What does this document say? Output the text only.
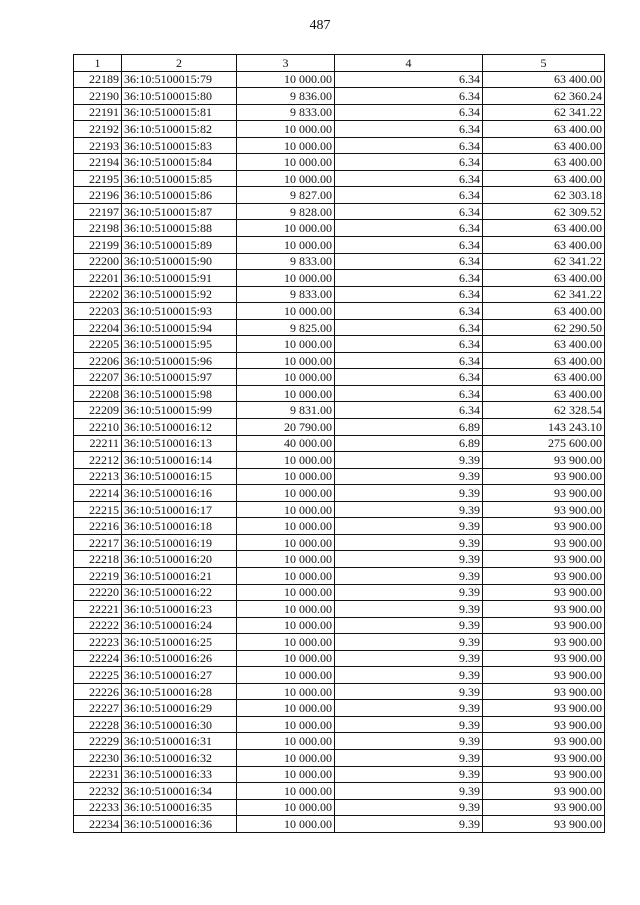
487
1	2	3	4	5
22189	36:10:5100015:79	10 000.00	6.34	63 400.00
22190	36:10:5100015:80	9 836.00	6.34	62 360.24
22191	36:10:5100015:81	9 833.00	6.34	62 341.22
22192	36:10:5100015:82	10 000.00	6.34	63 400.00
22193	36:10:5100015:83	10 000.00	6.34	63 400.00
22194	36:10:5100015:84	10 000.00	6.34	63 400.00
22195	36:10:5100015:85	10 000.00	6.34	63 400.00
22196	36:10:5100015:86	9 827.00	6.34	62 303.18
22197	36:10:5100015:87	9 828.00	6.34	62 309.52
22198	36:10:5100015:88	10 000.00	6.34	63 400.00
22199	36:10:5100015:89	10 000.00	6.34	63 400.00
22200	36:10:5100015:90	9 833.00	6.34	62 341.22
22201	36:10:5100015:91	10 000.00	6.34	63 400.00
22202	36:10:5100015:92	9 833.00	6.34	62 341.22
22203	36:10:5100015:93	10 000.00	6.34	63 400.00
22204	36:10:5100015:94	9 825.00	6.34	62 290.50
22205	36:10:5100015:95	10 000.00	6.34	63 400.00
22206	36:10:5100015:96	10 000.00	6.34	63 400.00
22207	36:10:5100015:97	10 000.00	6.34	63 400.00
22208	36:10:5100015:98	10 000.00	6.34	63 400.00
22209	36:10:5100015:99	9 831.00	6.34	62 328.54
22210	36:10:5100016:12	20 790.00	6.89	143 243.10
22211	36:10:5100016:13	40 000.00	6.89	275 600.00
22212	36:10:5100016:14	10 000.00	9.39	93 900.00
22213	36:10:5100016:15	10 000.00	9.39	93 900.00
22214	36:10:5100016:16	10 000.00	9.39	93 900.00
22215	36:10:5100016:17	10 000.00	9.39	93 900.00
22216	36:10:5100016:18	10 000.00	9.39	93 900.00
22217	36:10:5100016:19	10 000.00	9.39	93 900.00
22218	36:10:5100016:20	10 000.00	9.39	93 900.00
22219	36:10:5100016:21	10 000.00	9.39	93 900.00
22220	36:10:5100016:22	10 000.00	9.39	93 900.00
22221	36:10:5100016:23	10 000.00	9.39	93 900.00
22222	36:10:5100016:24	10 000.00	9.39	93 900.00
22223	36:10:5100016:25	10 000.00	9.39	93 900.00
22224	36:10:5100016:26	10 000.00	9.39	93 900.00
22225	36:10:5100016:27	10 000.00	9.39	93 900.00
22226	36:10:5100016:28	10 000.00	9.39	93 900.00
22227	36:10:5100016:29	10 000.00	9.39	93 900.00
22228	36:10:5100016:30	10 000.00	9.39	93 900.00
22229	36:10:5100016:31	10 000.00	9.39	93 900.00
22230	36:10:5100016:32	10 000.00	9.39	93 900.00
22231	36:10:5100016:33	10 000.00	9.39	93 900.00
22232	36:10:5100016:34	10 000.00	9.39	93 900.00
22233	36:10:5100016:35	10 000.00	9.39	93 900.00
22234	36:10:5100016:36	10 000.00	9.39	93 900.00
